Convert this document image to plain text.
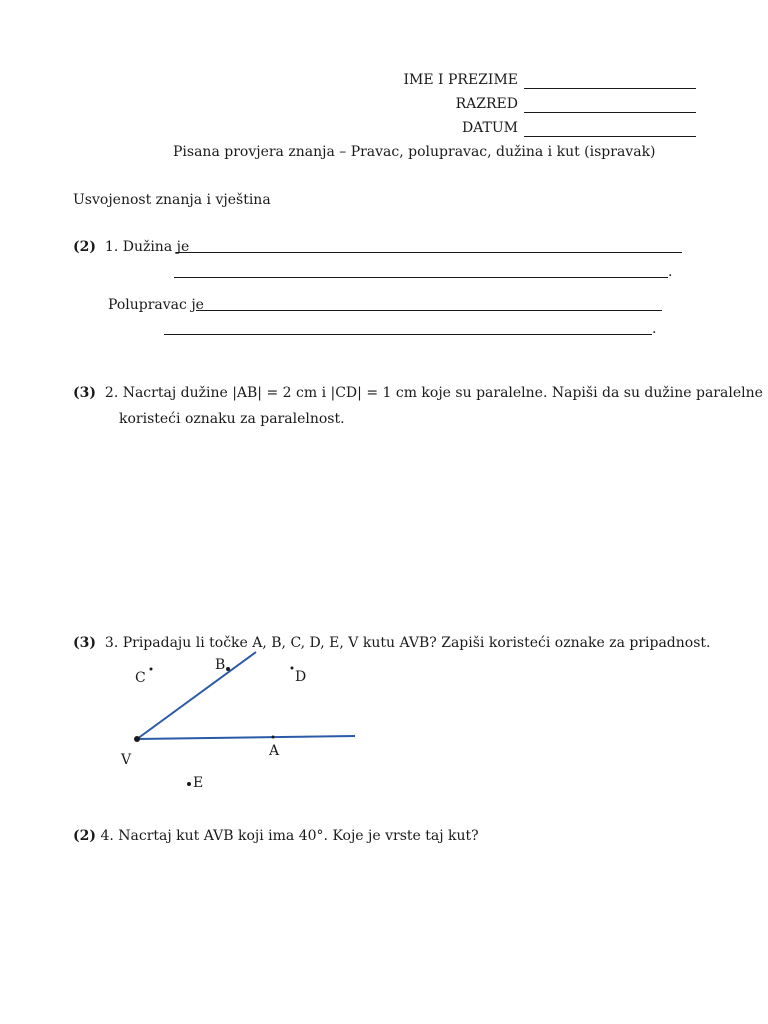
IME I PREZIME
RAZRED
DATUM
Pisana provjera znanja – Pravac, polupravac, dužina i kut (ispravak)
Usvojenost znanja i vještina
(2) 1. Dužina je
.
Polupravac je
.
(3) 2. Nacrtaj dužine |AB| = 2 cm i |CD| = 1 cm koje su paralelne. Napiši da su dužine paralelne
koristeći oznaku za paralelnost.
(3) 3. Pripadaju li točke A, B, C, D, E, V kutu AVB? Zapiši koristeći oznake za pripadnost.
B
C	D
V
A
E
(2) 4. Nacrtaj kut AVB koji ima 40°. Koje je vrste taj kut?
